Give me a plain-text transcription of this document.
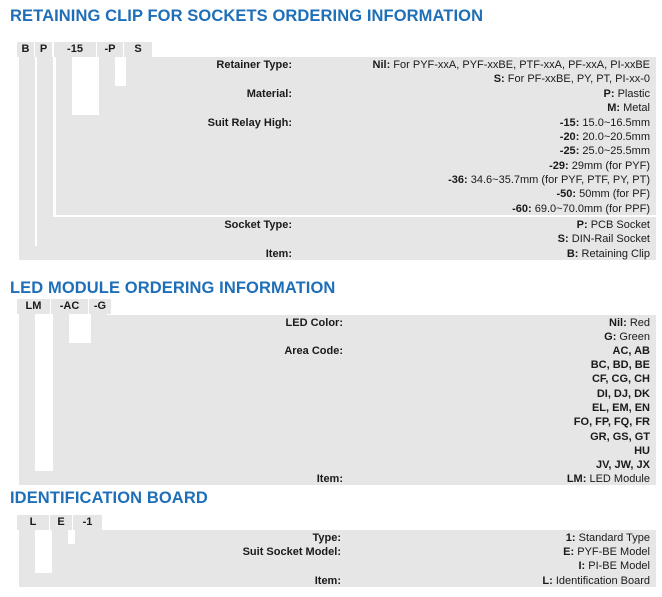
RETAINING CLIP FOR SOCKETS ORDERING INFORMATION
B P	-15	-P	S
Retainer Type:	Nil: For PYF-xxA, PYF-xxBE, PTF-xxA, PF-xxA, PI-xxBE
S: For PF-xxBE, PY, PT, PI-xx-0
Material:	P: Plastic
M: Metal
Suit Relay High:	-15: 15.0~16.5mm
-20: 20.0~20.5mm
-25: 25.0~25.5mm
-29: 29mm (for PYF)
-36: 34.6~35.7mm (for PYF, PTF, PY, PT)
-50: 50mm (for PF)
-60: 69.0~70.0mm (for PPF)
Socket Type:	P: PCB Socket
S: DIN-Rail Socket
Item:	B: Retaining Clip
LED MODULE ORDERING INFORMATION
LM	-AC	-G
LED Color:	Nil: Red
G: Green
Area Code:	AC, AB
BC, BD, BE
CF, CG, CH
DI, DJ, DK
EL, EM, EN
FO, FP, FQ, FR
GR, GS, GT
HU
JV, JW, JX
Item:	LM: LED Module
IDENTIFICATION BOARD
L	E	-1
Type:	1: Standard Type
Suit Socket Model:	E: PYF-BE Model
I: PI-BE Model
Item:	L: Identification Board
